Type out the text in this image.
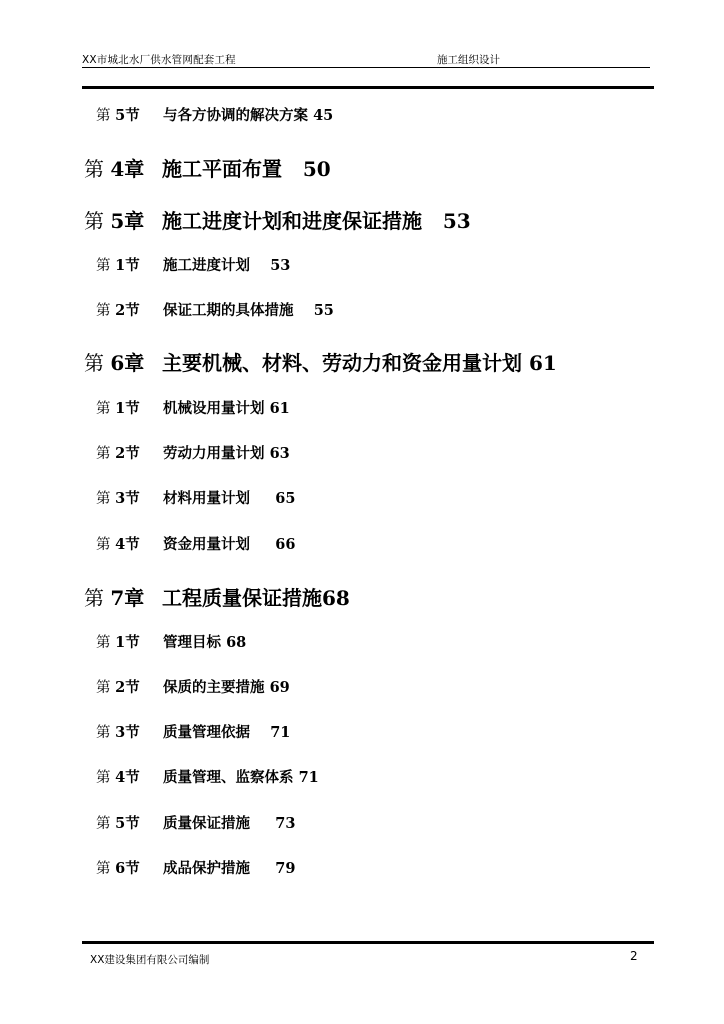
XX市城北水厂供水管网配套工程	施工组织设计
第 5节 与各方协调的解决方案 45
第 4章 施工平面布置 50
第 5章 施工进度计划和进度保证措施 53
第 1节 施工进度计划 53
第 2节 保证工期的具体措施 55
第 6章 主要机械、材料、劳动力和资金用量计划 61
第 1节 机械设用量计划 61
第 2节 劳动力用量计划 63
第 3节 材料用量计划 65
第 4节 资金用量计划 66
第 7章 工程质量保证措施68
第 1节 管理目标 68
第 2节 保质的主要措施 69
第 3节 质量管理依据 71
第 4节 质量管理、监察体系 71
第 5节 质量保证措施 73
第 6节 成品保护措施 79
XX建设集团有限公司编制	2
